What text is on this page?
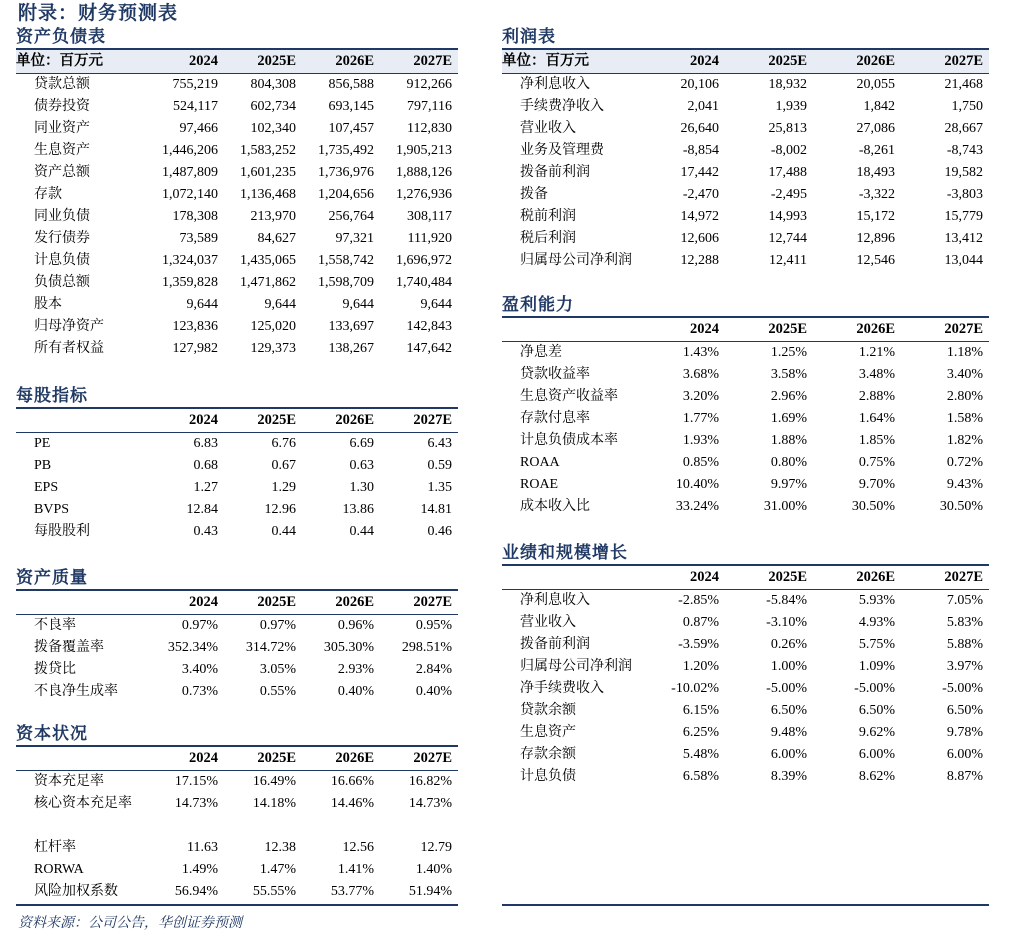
附录：财务预测表
资产负债表
单位：百万元	2024	2025E	2026E	2027E
贷款总额	755,219	804,308	856,588	912,266
债券投资	524,117	602,734	693,145	797,116
同业资产	97,466	102,340	107,457	112,830
生息资产	1,446,206	1,583,252	1,735,492	1,905,213
资产总额	1,487,809	1,601,235	1,736,976	1,888,126
存款	1,072,140	1,136,468	1,204,656	1,276,936
同业负债	178,308	213,970	256,764	308,117
发行债券	73,589	84,627	97,321	111,920
计息负债	1,324,037	1,435,065	1,558,742	1,696,972
负债总额	1,359,828	1,471,862	1,598,709	1,740,484
股本	9,644	9,644	9,644	9,644
归母净资产	123,836	125,020	133,697	142,843
所有者权益	127,982	129,373	138,267	147,642
每股指标
	2024	2025E	2026E	2027E
PE	6.83	6.76	6.69	6.43
PB	0.68	0.67	0.63	0.59
EPS	1.27	1.29	1.30	1.35
BVPS	12.84	12.96	13.86	14.81
每股股利	0.43	0.44	0.44	0.46
资产质量
	2024	2025E	2026E	2027E
不良率	0.97%	0.97%	0.96%	0.95%
拨备覆盖率	352.34%	314.72%	305.30%	298.51%
拨贷比	3.40%	3.05%	2.93%	2.84%
不良净生成率	0.73%	0.55%	0.40%	0.40%
资本状况
	2024	2025E	2026E	2027E
资本充足率	17.15%	16.49%	16.66%	16.82%
核心资本充足率	14.73%	14.18%	14.46%	14.73%

杠杆率	11.63	12.38	12.56	12.79
RORWA	1.49%	1.47%	1.41%	1.40%
风险加权系数	56.94%	55.55%	53.77%	51.94%
利润表
单位：百万元	2024	2025E	2026E	2027E
净利息收入	20,106	18,932	20,055	21,468
手续费净收入	2,041	1,939	1,842	1,750
营业收入	26,640	25,813	27,086	28,667
业务及管理费	-8,854	-8,002	-8,261	-8,743
拨备前利润	17,442	17,488	18,493	19,582
拨备	-2,470	-2,495	-3,322	-3,803
税前利润	14,972	14,993	15,172	15,779
税后利润	12,606	12,744	12,896	13,412
归属母公司净利润	12,288	12,411	12,546	13,044
盈利能力
	2024	2025E	2026E	2027E
净息差	1.43%	1.25%	1.21%	1.18%
贷款收益率	3.68%	3.58%	3.48%	3.40%
生息资产收益率	3.20%	2.96%	2.88%	2.80%
存款付息率	1.77%	1.69%	1.64%	1.58%
计息负债成本率	1.93%	1.88%	1.85%	1.82%
ROAA	0.85%	0.80%	0.75%	0.72%
ROAE	10.40%	9.97%	9.70%	9.43%
成本收入比	33.24%	31.00%	30.50%	30.50%
业绩和规模增长
	2024	2025E	2026E	2027E
净利息收入	-2.85%	-5.84%	5.93%	7.05%
营业收入	0.87%	-3.10%	4.93%	5.83%
拨备前利润	-3.59%	0.26%	5.75%	5.88%
归属母公司净利润	1.20%	1.00%	1.09%	3.97%
净手续费收入	-10.02%	-5.00%	-5.00%	-5.00%
贷款余额	6.15%	6.50%	6.50%	6.50%
生息资产	6.25%	9.48%	9.62%	9.78%
存款余额	5.48%	6.00%	6.00%	6.00%
计息负债	6.58%	8.39%	8.62%	8.87%
资料来源：公司公告，华创证券预测
